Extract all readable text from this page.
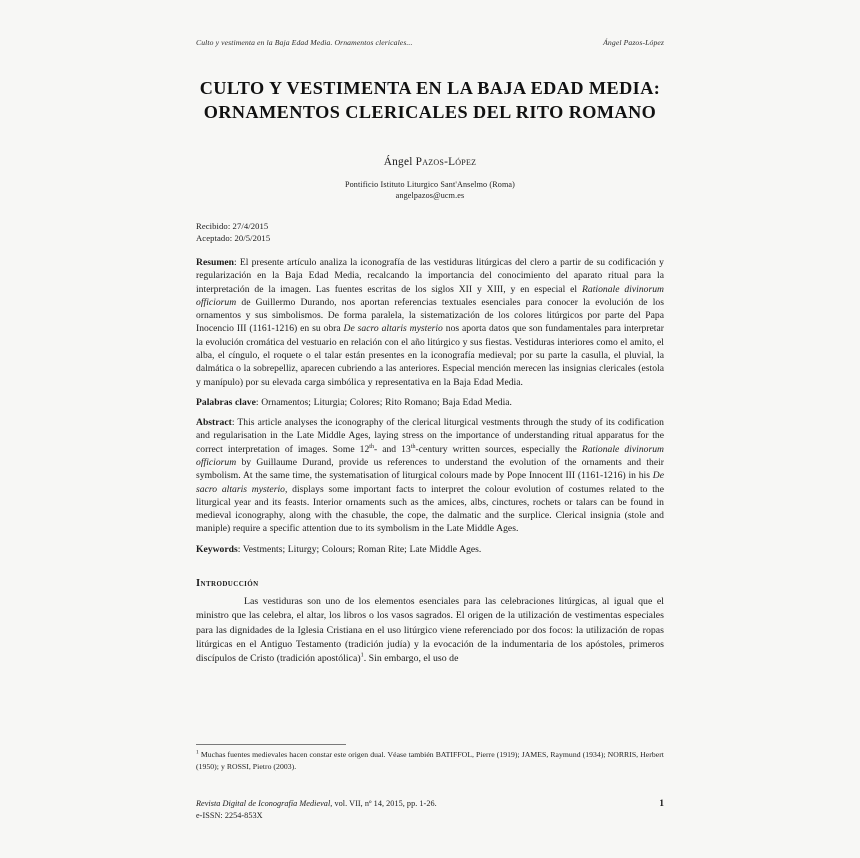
Culto y vestimenta en la Baja Edad Media. Ornamentos clericales...	Ángel Pazos-López
CULTO Y VESTIMENTA EN LA BAJA EDAD MEDIA: ORNAMENTOS CLERICALES DEL RITO ROMANO
Ángel Pazos-López
Pontificio Istituto Liturgico Sant'Anselmo (Roma)
angelpazos@ucm.es
Recibido: 27/4/2015
Aceptado: 20/5/2015

Resumen: El presente artículo analiza la iconografía de las vestiduras litúrgicas del clero a partir de su codificación y regularización en la Baja Edad Media, recalcando la importancia del conocimiento del aparato ritual para la interpretación de la imagen. Las fuentes escritas de los siglos XII y XIII, y en especial el Rationale divinorum officiorum de Guillermo Durando, nos aportan referencias textuales esenciales para conocer la evolución de los ornamentos y sus simbolismos. De forma paralela, la sistematización de los colores litúrgicos por parte del Papa Inocencio III (1161-1216) en su obra De sacro altaris mysterio nos aporta datos que son fundamentales para interpretar la evolución cromática del vestuario en relación con el año litúrgico y sus fiestas. Vestiduras interiores como el amito, el alba, el cíngulo, el roquete o el talar están presentes en la iconografía medieval; por su parte la casulla, el pluvial, la dalmática o la sobrepelliz, aparecen cubriendo a las anteriores. Especial mención merecen las insignias clericales (estola y manípulo) por su elevada carga simbólica y representativa en la Baja Edad Media.

Palabras clave: Ornamentos; Liturgia; Colores; Rito Romano; Baja Edad Media.

Abstract: This article analyses the iconography of the clerical liturgical vestments through the study of its codification and regularisation in the Late Middle Ages, laying stress on the importance of understanding ritual apparatus for the correct interpretation of images. Some 12th- and 13th-century written sources, especially the Rationale divinorum officiorum by Guillaume Durand, provide us references to understand the evolution of the ornaments and their symbolism. At the same time, the systematisation of liturgical colours made by Pope Innocent III (1161-1216) in his De sacro altaris mysterio, displays some important facts to interpret the colour evolution of costumes related to the liturgical year and its feasts. Interior ornaments such as the amices, albs, cinctures, rochets or talars can be found in medieval iconography, along with the chasuble, the cope, the dalmatic and the surplice. Clerical insignia (stole and maniple) require a specific attention due to its symbolism in the Late Middle Ages.

Keywords: Vestments; Liturgy; Colours; Roman Rite; Late Middle Ages.

Introducción

Las vestiduras son uno de los elementos esenciales para las celebraciones litúrgicas, al igual que el ministro que las celebra, el altar, los libros o los vasos sagrados. El origen de la utilización de vestimentas especiales para las dignidades de la Iglesia Cristiana en el uso litúrgico viene referenciado por dos focos: la utilización de ropas litúrgicas en el Antiguo Testamento (tradición judía) y la evocación de la indumentaria de los apóstoles, primeros discípulos de Cristo (tradición apostólica)$^1$. Sin embargo, el uso de

$^1$ Muchas fuentes medievales hacen constar este origen dual. Véase también BATIFFOL, Pierre (1919); JAMES, Raymund (1934); NORRIS, Herbert (1950); y ROSSI, Pietro (2003).

Revista Digital de Iconografía Medieval, vol. VII, nº 14, 2015, pp. 1-26.
e-ISSN: 2254-853X
1
